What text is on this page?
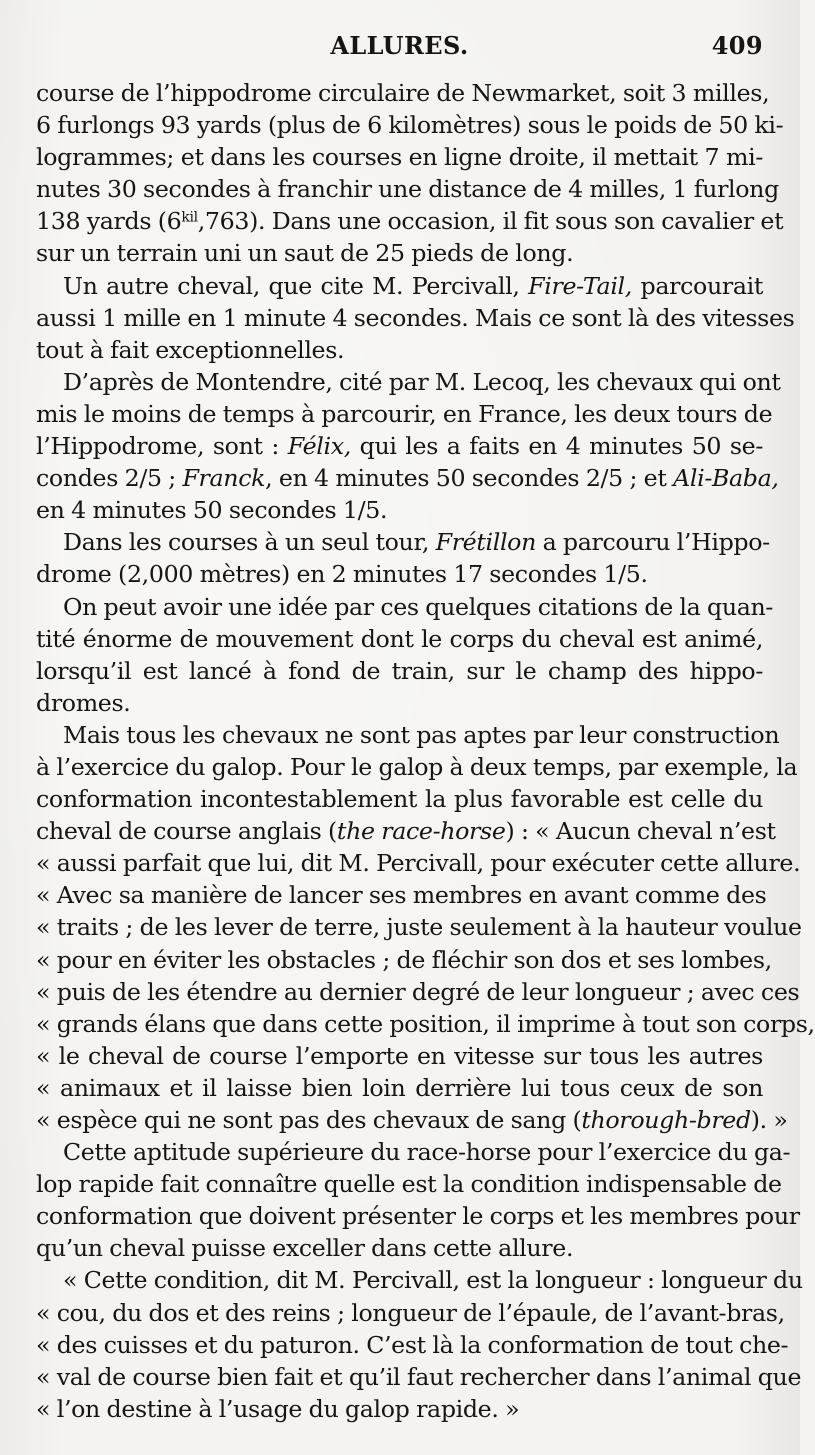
ALLURES.	409
course de l’hippodrome circulaire de Newmarket, soit 3 milles,
6 furlongs 93 yards (plus de 6 kilomètres) sous le poids de 50 ki-
logrammes; et dans les courses en ligne droite, il mettait 7 mi-
nutes 30 secondes à franchir une distance de 4 milles, 1 furlong
138 yards $(6^{kil},763)$. Dans une occasion, il fit sous son cavalier et
sur un terrain uni un saut de 25 pieds de long.
Un autre cheval, que cite M. Percivall, Fire-Tail, parcourait
aussi 1 mille en 1 minute 4 secondes. Mais ce sont là des vitesses
tout à fait exceptionnelles.
D’après de Montendre, cité par M. Lecoq, les chevaux qui ont
mis le moins de temps à parcourir, en France, les deux tours de
l’Hippodrome, sont : Félix, qui les a faits en 4 minutes 50 se-
condes 2/5 ; Franck, en 4 minutes 50 secondes 2/5 ; et Ali-Baba,
en 4 minutes 50 secondes 1/5.
Dans les courses à un seul tour, Frétillon a parcouru l’Hippo-
drome (2,000 mètres) en 2 minutes 17 secondes 1/5.
On peut avoir une idée par ces quelques citations de la quan-
tité énorme de mouvement dont le corps du cheval est animé,
lorsqu’il est lancé à fond de train, sur le champ des hippo-
dromes.
Mais tous les chevaux ne sont pas aptes par leur construction
à l’exercice du galop. Pour le galop à deux temps, par exemple, la
conformation incontestablement la plus favorable est celle du
cheval de course anglais (the race-horse) : « Aucun cheval n’est
« aussi parfait que lui, dit M. Percivall, pour exécuter cette allure.
« Avec sa manière de lancer ses membres en avant comme des
« traits ; de les lever de terre, juste seulement à la hauteur voulue
« pour en éviter les obstacles ; de fléchir son dos et ses lombes,
« puis de les étendre au dernier degré de leur longueur ; avec ces
« grands élans que dans cette position, il imprime à tout son corps,
« le cheval de course l’emporte en vitesse sur tous les autres
« animaux et il laisse bien loin derrière lui tous ceux de son
« espèce qui ne sont pas des chevaux de sang (thorough-bred). »
Cette aptitude supérieure du race-horse pour l’exercice du ga-
lop rapide fait connaître quelle est la condition indispensable de
conformation que doivent présenter le corps et les membres pour
qu’un cheval puisse exceller dans cette allure.
« Cette condition, dit M. Percivall, est la longueur : longueur du
« cou, du dos et des reins ; longueur de l’épaule, de l’avant-bras,
« des cuisses et du paturon. C’est là la conformation de tout che-
« val de course bien fait et qu’il faut rechercher dans l’animal que
« l’on destine à l’usage du galop rapide. »
